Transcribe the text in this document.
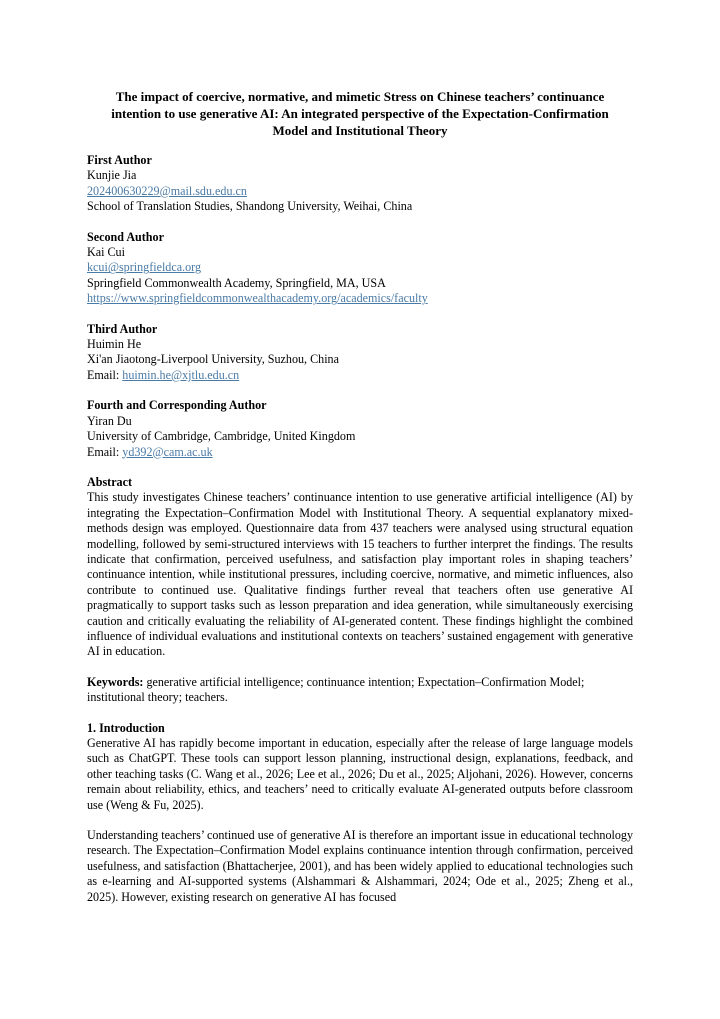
The impact of coercive, normative, and mimetic Stress on Chinese teachers’ continuance intention to use generative AI: An integrated perspective of the Expectation-Confirmation Model and Institutional Theory

First Author

Kunjie Jia

202400630229@mail.sdu.edu.cn

School of Translation Studies, Shandong University, Weihai, China

Second Author

Kai Cui

kcui@springfieldca.org

Springfield Commonwealth Academy, Springfield, MA, USA

https://www.springfieldcommonwealthacademy.org/academics/faculty

Third Author

Huimin He

Xi'an Jiaotong-Liverpool University, Suzhou, China

Email: huimin.he@xjtlu.edu.cn

Fourth and Corresponding Author

Yiran Du

University of Cambridge, Cambridge, United Kingdom

Email: yd392@cam.ac.uk

Abstract

This study investigates Chinese teachers’ continuance intention to use generative artificial intelligence (AI) by integrating the Expectation–Confirmation Model with Institutional Theory. A sequential explanatory mixed-methods design was employed. Questionnaire data from 437 teachers were analysed using structural equation modelling, followed by semi-structured interviews with 15 teachers to further interpret the findings. The results indicate that confirmation, perceived usefulness, and satisfaction play important roles in shaping teachers’ continuance intention, while institutional pressures, including coercive, normative, and mimetic influences, also contribute to continued use. Qualitative findings further reveal that teachers often use generative AI pragmatically to support tasks such as lesson preparation and idea generation, while simultaneously exercising caution and critically evaluating the reliability of AI-generated content. These findings highlight the combined influence of individual evaluations and institutional contexts on teachers’ sustained engagement with generative AI in education.

Keywords: generative artificial intelligence; continuance intention; Expectation–Confirmation Model; institutional theory; teachers.

1. Introduction

Generative AI has rapidly become important in education, especially after the release of large language models such as ChatGPT. These tools can support lesson planning, instructional design, explanations, feedback, and other teaching tasks (C. Wang et al., 2026; Lee et al., 2026; Du et al., 2025; Aljohani, 2026). However, concerns remain about reliability, ethics, and teachers’ need to critically evaluate AI-generated outputs before classroom use (Weng & Fu, 2025).

Understanding teachers’ continued use of generative AI is therefore an important issue in educational technology research. The Expectation–Confirmation Model explains continuance intention through confirmation, perceived usefulness, and satisfaction (Bhattacherjee, 2001), and has been widely applied to educational technologies such as e-learning and AI-supported systems (Alshammari & Alshammari, 2024; Ode et al., 2025; Zheng et al., 2025). However, existing research on generative AI has focused
